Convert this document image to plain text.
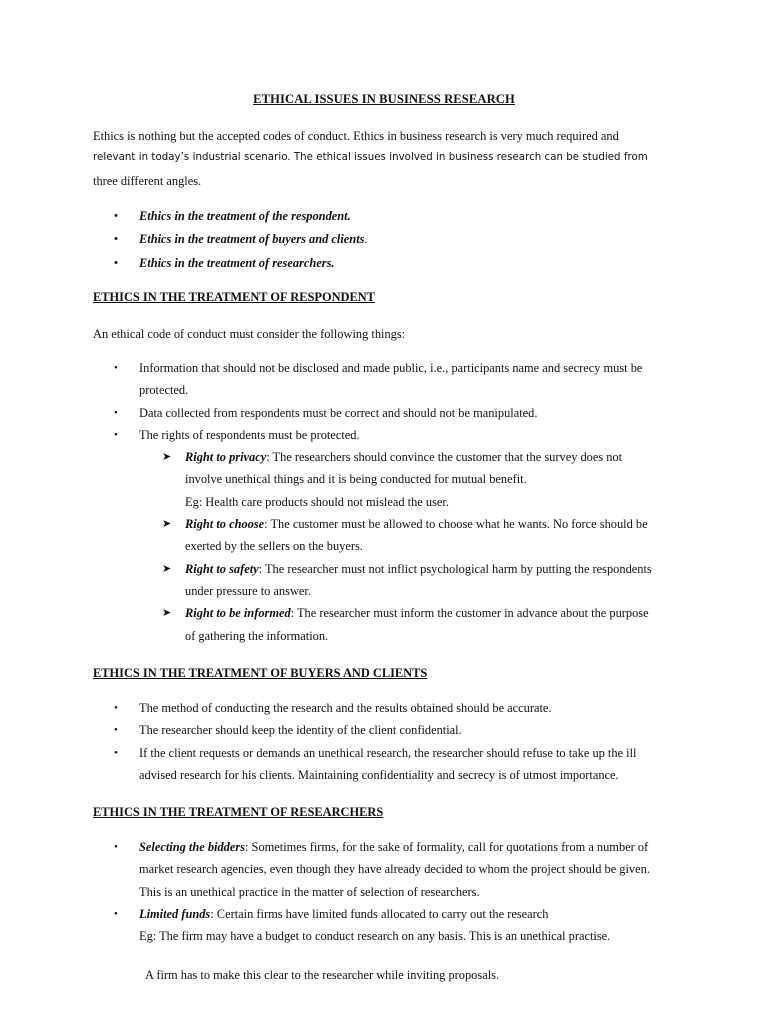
ETHICAL ISSUES IN BUSINESS RESEARCH

Ethics is nothing but the accepted codes of conduct. Ethics in business research is very much required and

relevant in today’s industrial scenario. The ethical issues involved in business research can be studied from

three different angles.

• Ethics in the treatment of the respondent.
• Ethics in the treatment of buyers and clients.
• Ethics in the treatment of researchers.
ETHICS IN THE TREATMENT OF RESPONDENT

An ethical code of conduct must consider the following things:

• Information that should not be disclosed and made public, i.e., participants name and secrecy must be
protected.
• Data collected from respondents must be correct and should not be manipulated.
• The rights of respondents must be protected.
➤ Right to privacy: The researchers should convince the customer that the survey does not
involve unethical things and it is being conducted for mutual benefit.
Eg: Health care products should not mislead the user.
➤ Right to choose: The customer must be allowed to choose what he wants. No force should be
exerted by the sellers on the buyers.
➤ Right to safety: The researcher must not inflict psychological harm by putting the respondents
under pressure to answer.
➤ Right to be informed: The researcher must inform the customer in advance about the purpose
of gathering the information.
ETHICS IN THE TREATMENT OF BUYERS AND CLIENTS
• The method of conducting the research and the results obtained should be accurate.
• The researcher should keep the identity of the client confidential.
• If the client requests or demands an unethical research, the researcher should refuse to take up the ill
advised research for his clients. Maintaining confidentiality and secrecy is of utmost importance.
ETHICS IN THE TREATMENT OF RESEARCHERS
• Selecting the bidders: Sometimes firms, for the sake of formality, call for quotations from a number of
market research agencies, even though they have already decided to whom the project should be given.
This is an unethical practice in the matter of selection of researchers.
• Limited funds: Certain firms have limited funds allocated to carry out the research
Eg: The firm may have a budget to conduct research on any basis. This is an unethical practise.

A firm has to make this clear to the researcher while inviting proposals.
